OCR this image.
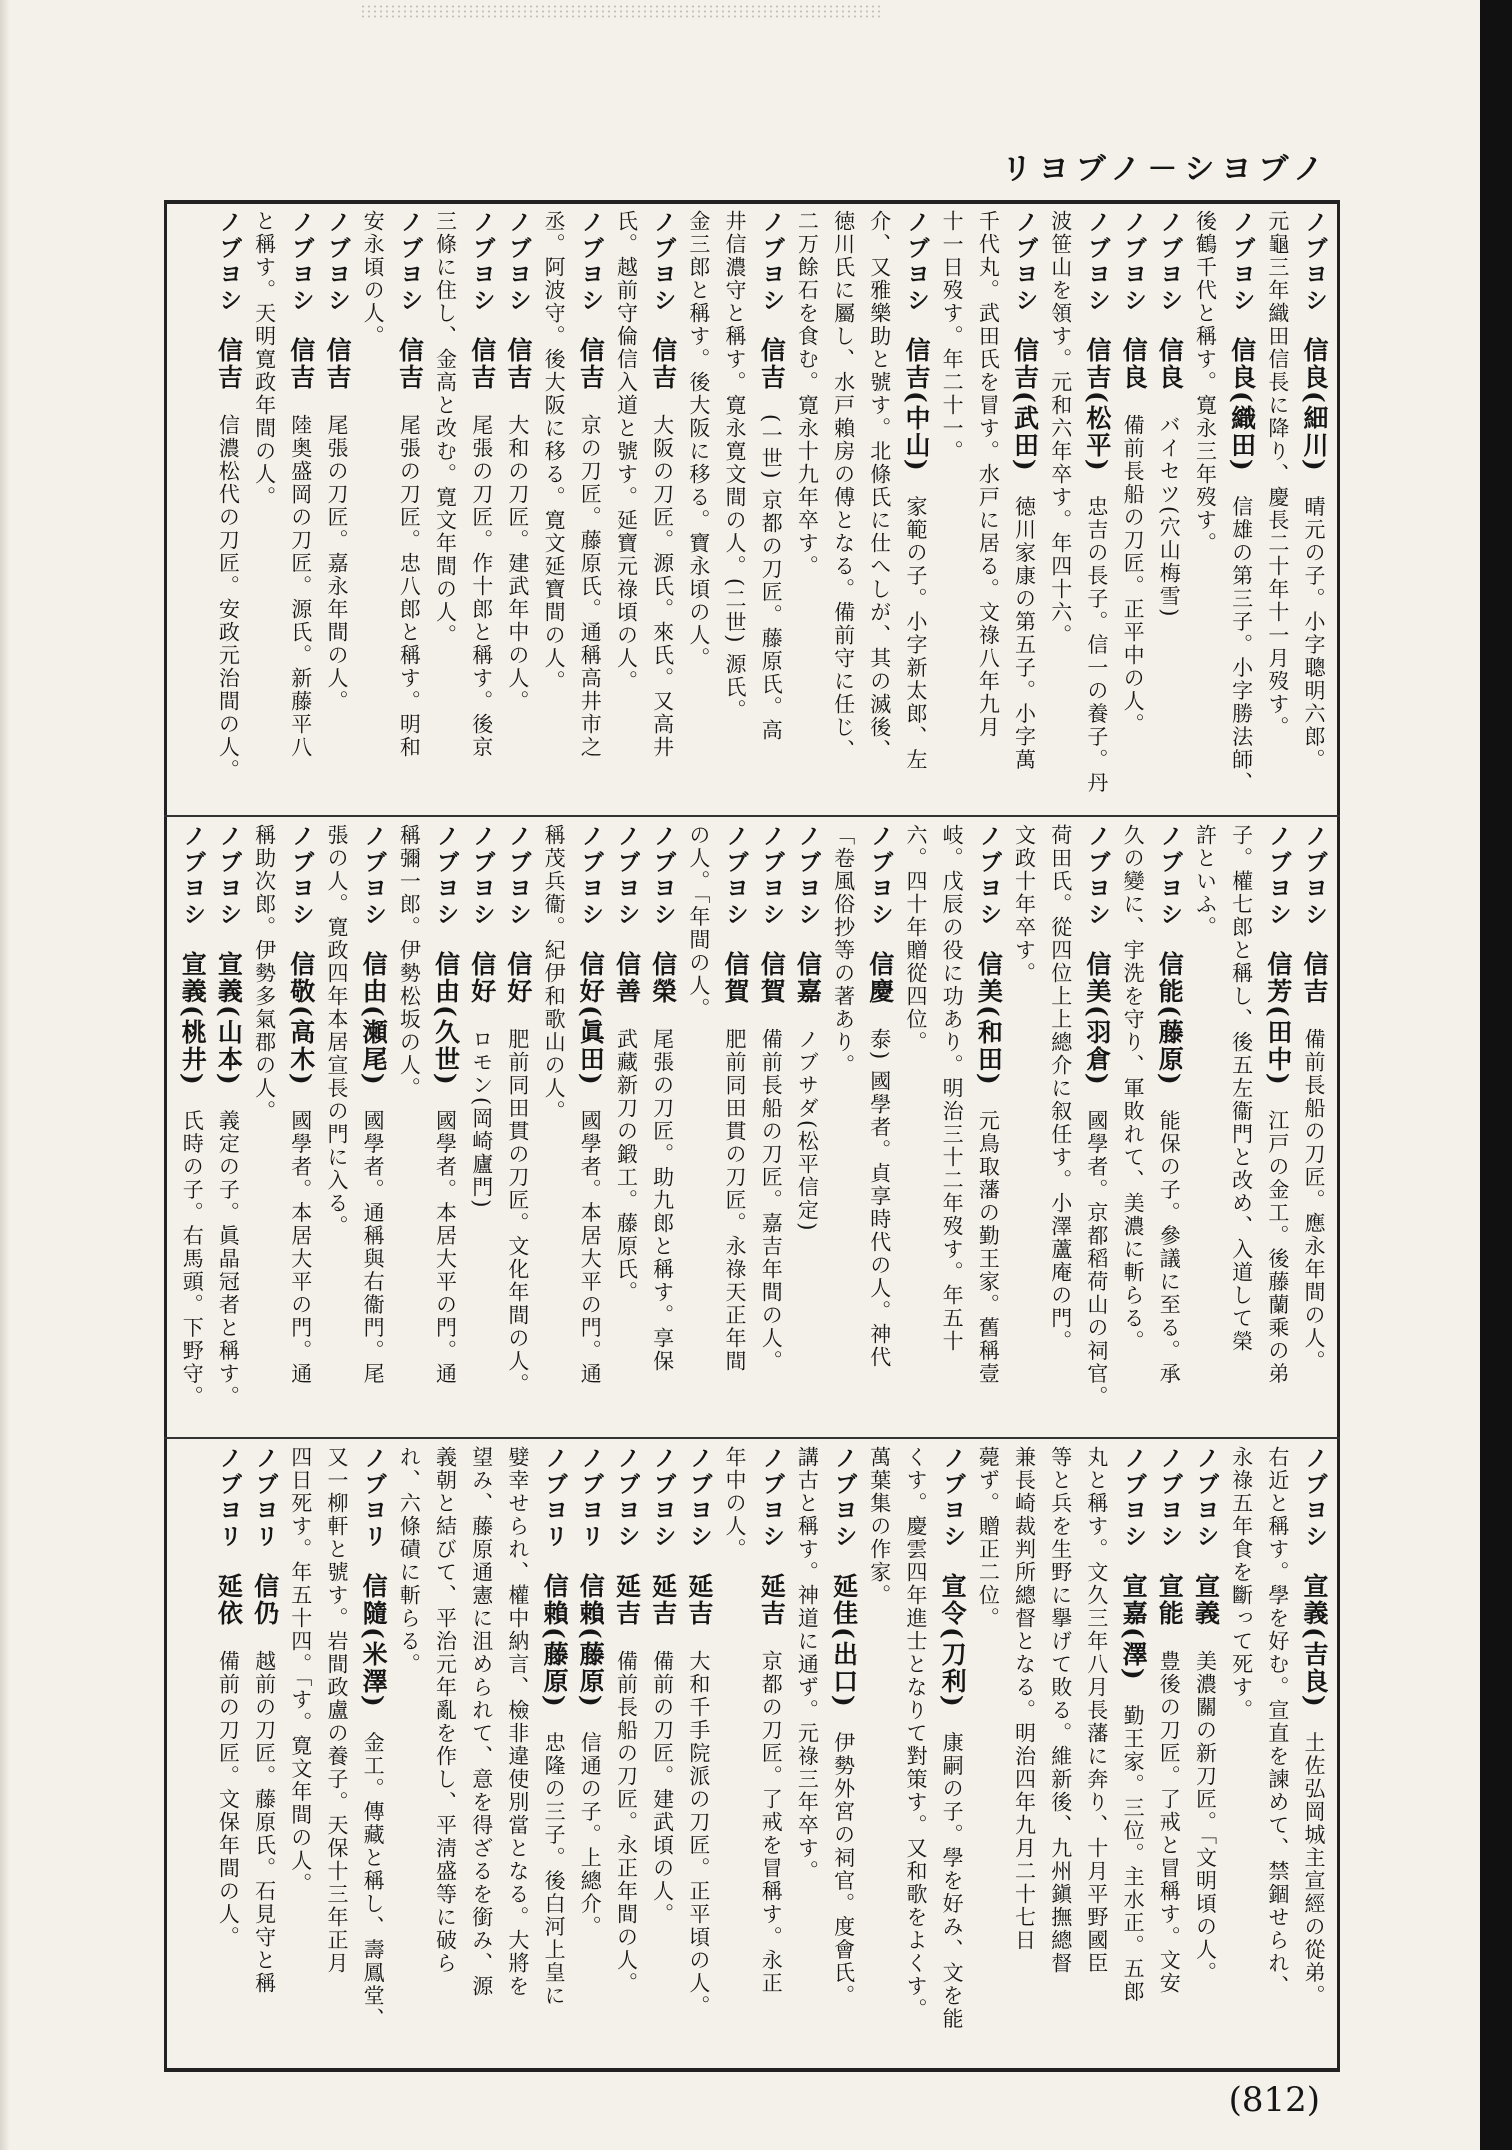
リヨブノ－シヨブノ
ノブヨシ　信良(細川)　晴元の子。小字聰明六郎。
元龜三年織田信長に降り、慶長二十年十一月歿す。
ノブヨシ　信良(織田)　信雄の第三子。小字勝法師、
後鶴千代と稱す。寛永三年歿す。
ノブヨシ　信良　バイセツ(穴山梅雪)
ノブヨシ　信良　備前長船の刀匠。正平中の人。
ノブヨシ　信吉(松平)　忠吉の長子。信一の養子。丹
波笹山を領す。元和六年卒す。年四十六。
ノブヨシ　信吉(武田)　徳川家康の第五子。小字萬
千代丸。武田氏を冒す。水戸に居る。文祿八年九月
十一日歿す。年二十一。
ノブヨシ　信吉(中山)　家範の子。小字新太郎、左
介、又雅樂助と號す。北條氏に仕へしが、其の滅後、
徳川氏に屬し、水戸賴房の傅となる。備前守に任じ、
二万餘石を食む。寛永十九年卒す。
ノブヨシ　信吉　(一世) 京都の刀匠。藤原氏。高
井信濃守と稱す。寛永寛文間の人。(二世) 源氏。
金三郎と稱す。後大阪に移る。寶永頃の人。
ノブヨシ　信吉　大阪の刀匠。源氏。來氏。又高井
氏。越前守倫信入道と號す。延寶元祿頃の人。
ノブヨシ　信吉　京の刀匠。藤原氏。通稱高井市之
丞。阿波守。後大阪に移る。寛文延寶間の人。
ノブヨシ　信吉　大和の刀匠。建武年中の人。
ノブヨシ　信吉　尾張の刀匠。作十郎と稱す。後京
三條に住し、金高と改む。寛文年間の人。
ノブヨシ　信吉　尾張の刀匠。忠八郎と稱す。明和
安永頃の人。
ノブヨシ　信吉　尾張の刀匠。嘉永年間の人。
ノブヨシ　信吉　陸奥盛岡の刀匠。源氏。新藤平八
と稱す。天明寛政年間の人。
ノブヨシ　信吉　信濃松代の刀匠。安政元治間の人。
ノブヨシ　信吉　備前長船の刀匠。應永年間の人。
ノブヨシ　信芳(田中)　江戸の金工。後藤蘭乘の弟
子。權七郎と稱し、後五左衞門と改め、入道して榮
許といふ。
ノブヨシ　信能(藤原)　能保の子。參議に至る。承
久の變に、宇洗を守り、軍敗れて、美濃に斬らる。
ノブヨシ　信美(羽倉)　國學者。京都稻荷山の祠官。
荷田氏。從四位上上總介に叙任す。小澤蘆庵の門。
文政十年卒す。
ノブヨシ　信美(和田)　元鳥取藩の勤王家。舊稱壹
岐。戊辰の役に功あり。明治三十二年歿す。年五十
六。四十年贈從四位。
ノブヨシ　信慶　泰) 國學者。貞享時代の人。神代
「卷風俗抄等の著あり。
ノブヨシ　信嘉　ノブサダ(松平信定)
ノブヨシ　信賀　備前長船の刀匠。嘉吉年間の人。
ノブヨシ　信賀　肥前同田貫の刀匠。永祿天正年間
の人。「年間の人。
ノブヨシ　信榮　尾張の刀匠。助九郎と稱す。享保
ノブヨシ　信善　武藏新刀の鍛工。藤原氏。
ノブヨシ　信好(眞田)　國學者。本居大平の門。通
稱茂兵衞。紀伊和歌山の人。
ノブヨシ　信好　肥前同田貫の刀匠。文化年間の人。
ノブヨシ　信好　ロモン(岡崎廬門)
ノブヨシ　信由(久世)　國學者。本居大平の門。通
稱彌一郎。伊勢松坂の人。
ノブヨシ　信由(瀬尾)　國學者。通稱與右衞門。尾
張の人。寛政四年本居宣長の門に入る。
ノブヨシ　信敬(高木)　國學者。本居大平の門。通
稱助次郎。伊勢多氣郡の人。
ノブヨシ　宣義(山本)　義定の子。眞晶冠者と稱す。
ノブヨシ　宣義(桃井)　氏時の子。右馬頭。下野守。
ノブヨシ　宣義(吉良)　土佐弘岡城主宣經の從弟。
右近と稱す。學を好む。宣直を諫めて、禁錮せられ、
永祿五年食を斷って死す。
ノブヨシ　宣義　美濃關の新刀匠。「文明頃の人。
ノブヨシ　宣能　豊後の刀匠。了戒と冒稱す。文安
ノブヨシ　宣嘉(澤)　勤王家。三位。主水正。五郎
丸と稱す。文久三年八月長藩に奔り、十月平野國臣
等と兵を生野に擧げて敗る。維新後、九州鎭撫總督
兼長崎裁判所總督となる。明治四年九月二十七日
薨ず。贈正二位。
ノブヨシ　宣令(刀利)　康嗣の子。學を好み、文を能
くす。慶雲四年進士となりて對策す。又和歌をよくす。
萬葉集の作家。
ノブヨシ　延佳(出口)　伊勢外宮の祠官。度會氏。
講古と稱す。神道に通ず。元祿三年卒す。
ノブヨシ　延吉　京都の刀匠。了戒を冒稱す。永正
年中の人。
ノブヨシ　延吉　大和千手院派の刀匠。正平頃の人。
ノブヨシ　延吉　備前の刀匠。建武頃の人。
ノブヨシ　延吉　備前長船の刀匠。永正年間の人。
ノブヨリ　信賴(藤原)　信通の子。上總介。
ノブヨリ　信賴(藤原)　忠隆の三子。後白河上皇に
嬖幸せられ、權中納言、檢非違使別當となる。大將を
望み、藤原通憲に沮められて、意を得ざるを銜み、源
義朝と結びて、平治元年亂を作し、平淸盛等に破ら
れ、六條磧に斬らる。
ノブヨリ　信隨(米澤)　金工。傳藏と稱し、壽鳳堂、
又一柳軒と號す。岩間政盧の養子。天保十三年正月
四日死す。年五十四。「す。寛文年間の人。
ノブヨリ　信仍　越前の刀匠。藤原氏。石見守と稱
ノブヨリ　延依　備前の刀匠。文保年間の人。
(812)
